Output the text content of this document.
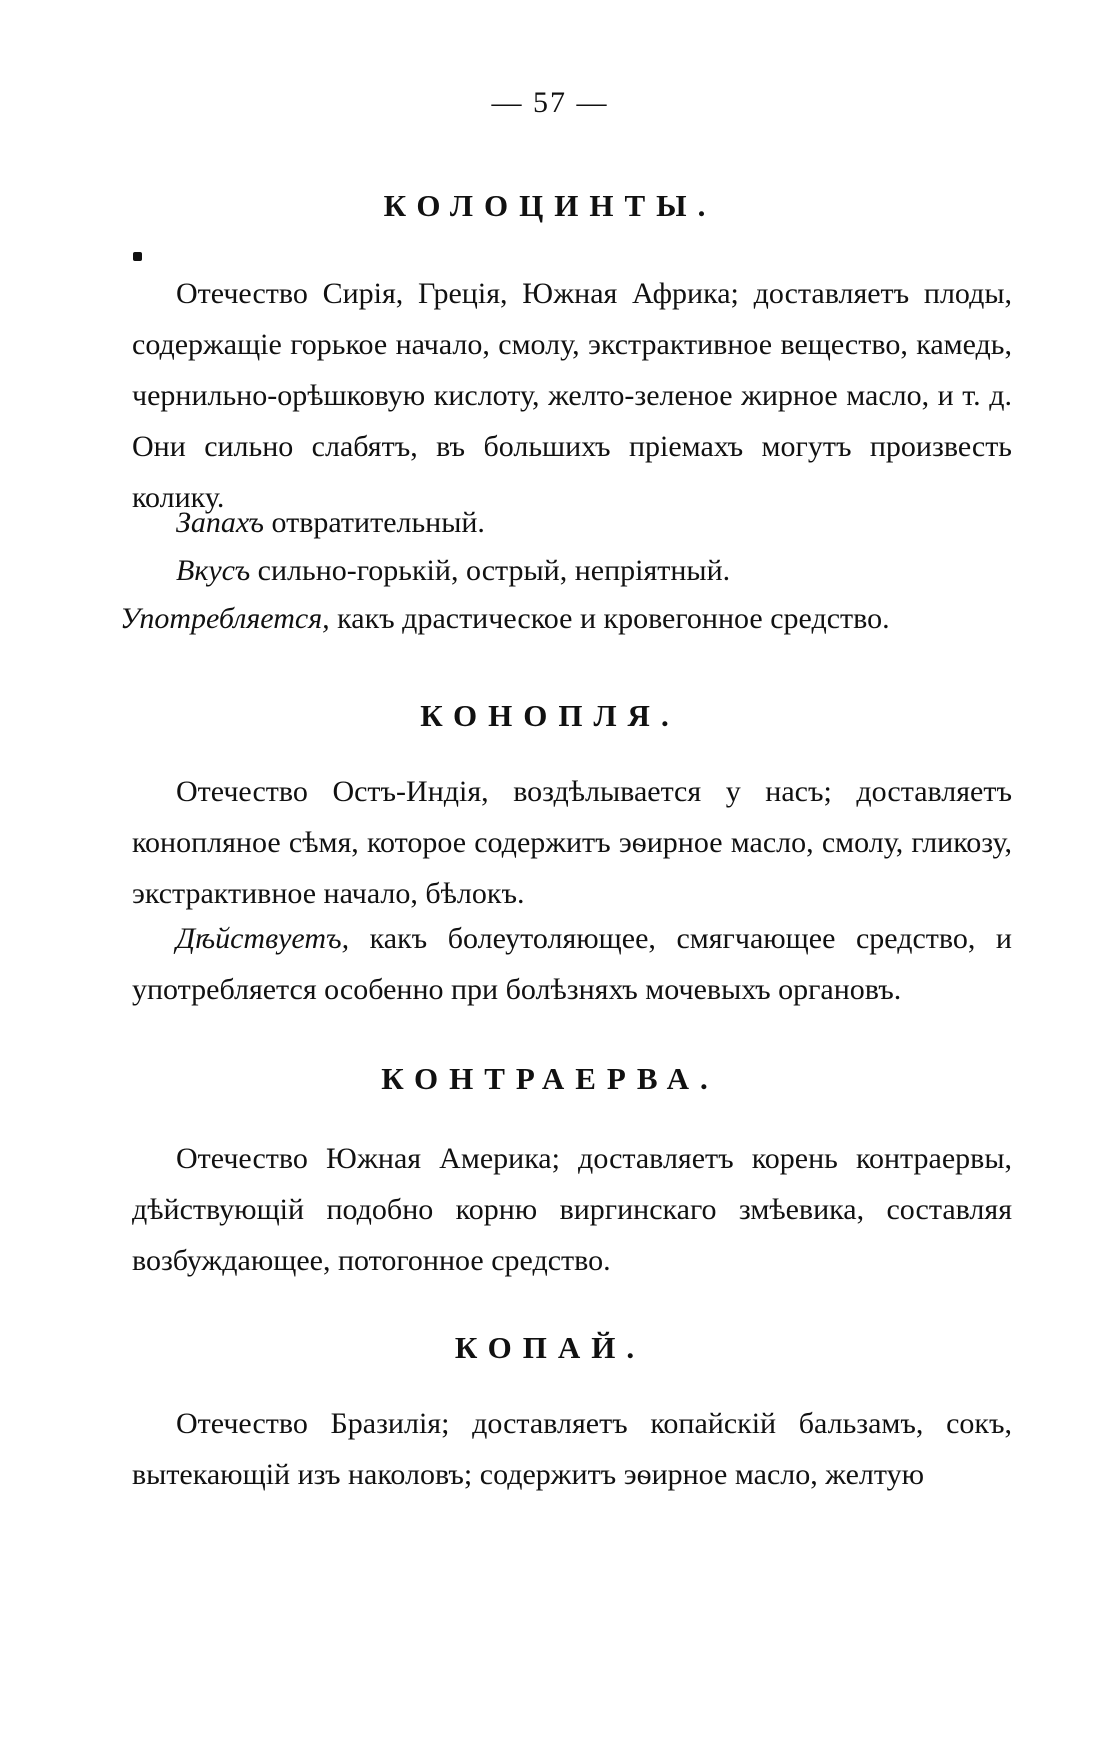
— 57 —
КОЛОЦИНТЫ.
Отечество Сирія, Греція, Южная Африка; доставляетъ плоды, содержащіе горькое начало, смолу, экстрактивное вещество, камедь, чернильно-орѣшковую кислоту, желто-зеленое жирное масло, и т. д. Они сильно слабятъ, въ большихъ пріемахъ могутъ произвесть колику.
Запахъ отвратительный.
Вкусъ сильно-горькій, острый, непріятный.
Употребляется, какъ драстическое и кровегонное средство.
КОНОПЛЯ.
Отечество Остъ-Индія, воздѣлывается у насъ; доставляетъ конопляное сѣмя, которое содержитъ эѳирное масло, смолу, гликозу, экстрактивное начало, бѣлокъ.
Дѣйствуетъ, какъ болеутоляющее, смягчающее средство, и употребляется особенно при болѣзняхъ мочевыхъ органовъ.
КОНТРАЕРВА.
Отечество Южная Америка; доставляетъ корень контраервы, дѣйствующій подобно корню виргинскаго змѣевика, составляя возбуждающее, потогонное средство.
КОПАЙ.
Отечество Бразилія; доставляетъ копайскій бальзамъ, сокъ, вытекающій изъ наколовъ; содержитъ эѳирное масло, желтую
